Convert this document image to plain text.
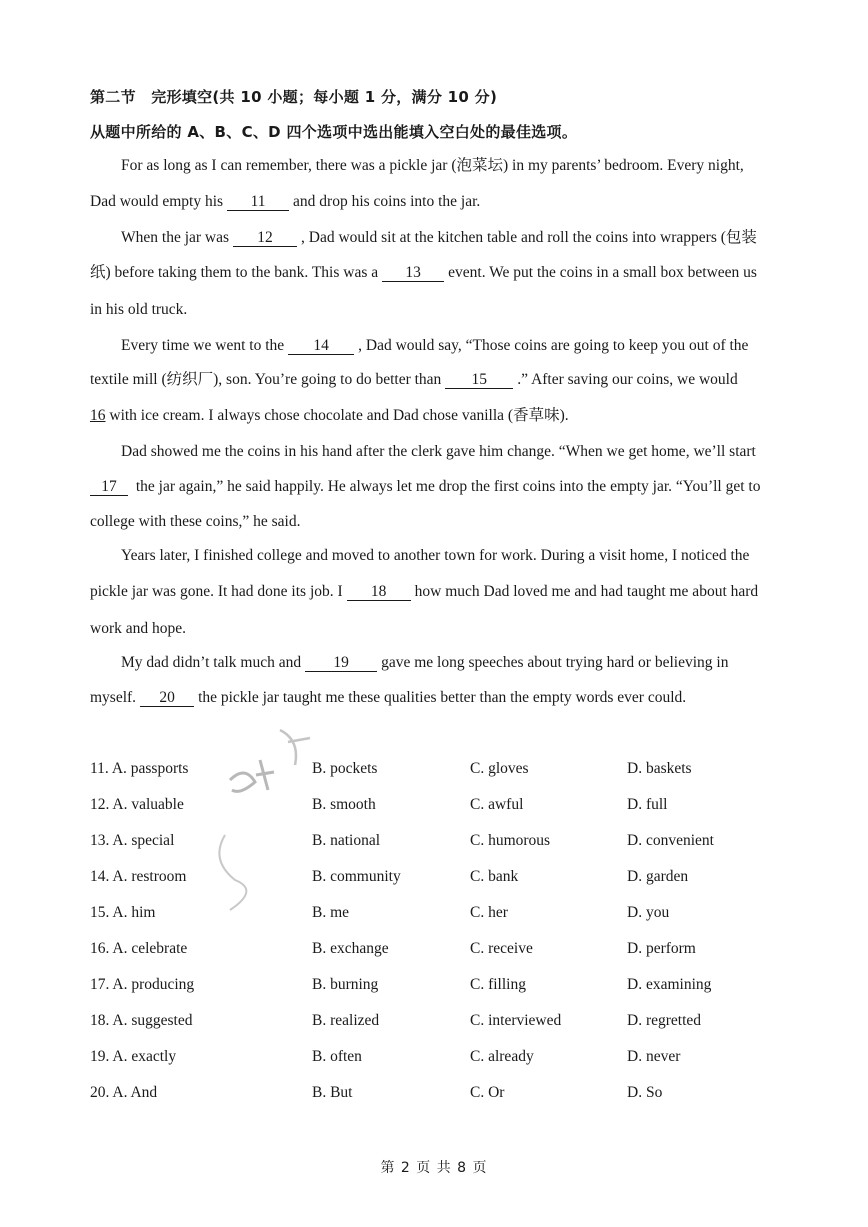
第二节　完形填空(共 10 小题；每小题 1 分，满分 10 分)
从题中所给的 A、B、C、D 四个选项中选出能填入空白处的最佳选项。
For as long as I can remember, there was a pickle jar (泡菜坛) in my parents’ bedroom. Every night,
Dad would empty his 11 and drop his coins into the jar.
When the jar was 12 , Dad would sit at the kitchen table and roll the coins into wrappers (包装
纸) before taking them to the bank. This was a 13 event. We put the coins in a small box between us
in his old truck.
Every time we went to the 14 , Dad would say, “Those coins are going to keep you out of the
textile mill (纺织厂), son. You’re going to do better than 15 .” After saving our coins, we would
16 with ice cream. I always chose chocolate and Dad chose vanilla (香草味).
Dad showed me the coins in his hand after the clerk gave him change. “When we get home, we’ll start
17 the jar again,” he said happily. He always let me drop the first coins into the empty jar. “You’ll get to
college with these coins,” he said.
Years later, I finished college and moved to another town for work. During a visit home, I noticed the
pickle jar was gone. It had done its job. I 18 how much Dad loved me and had taught me about hard
work and hope.
My dad didn’t talk much and 19 gave me long speeches about trying hard or believing in
myself. 20 the pickle jar taught me these qualities better than the empty words ever could.
11. A. passports	B. pockets	C. gloves	D. baskets
12. A. valuable	B. smooth	C. awful	D. full
13. A. special	B. national	C. humorous	D. convenient
14. A. restroom	B. community	C. bank	D. garden
15. A. him	B. me	C. her	D. you
16. A. celebrate	B. exchange	C. receive	D. perform
17. A. producing	B. burning	C. filling	D. examining
18. A. suggested	B. realized	C. interviewed	D. regretted
19. A. exactly	B. often	C. already	D. never
20. A. And	B. But	C. Or	D. So
第 2 页 共 8 页
